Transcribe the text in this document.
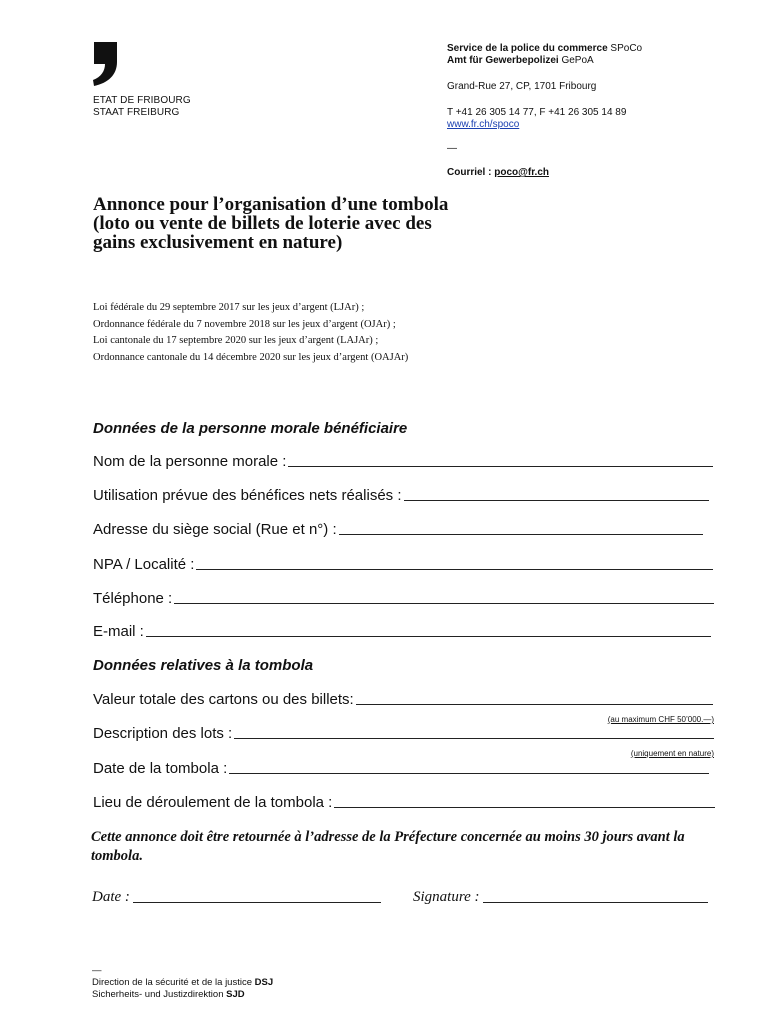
ETAT DE FRIBOURG
STAAT FREIBURG
Service de la police du commerce SPoCo
Amt für Gewerbepolizei GePoA
Grand-Rue 27, CP, 1701 Fribourg
T +41 26 305 14 77, F +41 26 305 14 89
www.fr.ch/spoco
—
Courriel : poco@fr.ch
Annonce pour l’organisation d’une tombola (loto ou vente de billets de loterie avec des gains exclusivement en nature)
Loi fédérale du 29 septembre 2017 sur les jeux d’argent (LJAr) ;
Ordonnance fédérale du 7 novembre 2018 sur les jeux d’argent (OJAr) ;
Loi cantonale du 17 septembre 2020 sur les jeux d’argent (LAJAr) ;
Ordonnance cantonale du 14 décembre 2020 sur les jeux d’argent (OAJAr)
Données de la personne morale bénéficiaire
Nom de la personne morale :
Utilisation prévue des bénéfices nets réalisés :
Adresse du siège social (Rue et n°) :
NPA / Localité :
Téléphone :
E-mail :
Données relatives à la tombola
Valeur totale des cartons ou des billets:
(au maximum CHF 50’000.—)
Description des lots :
(uniquement en nature)
Date de la tombola :
Lieu de déroulement de la tombola :
Cette annonce doit être retournée à l’adresse de la Préfecture concernée au moins 30 jours avant la tombola.
Date :	Signature :
—
Direction de la sécurité et de la justice DSJ
Sicherheits- und Justizdirektion SJD
